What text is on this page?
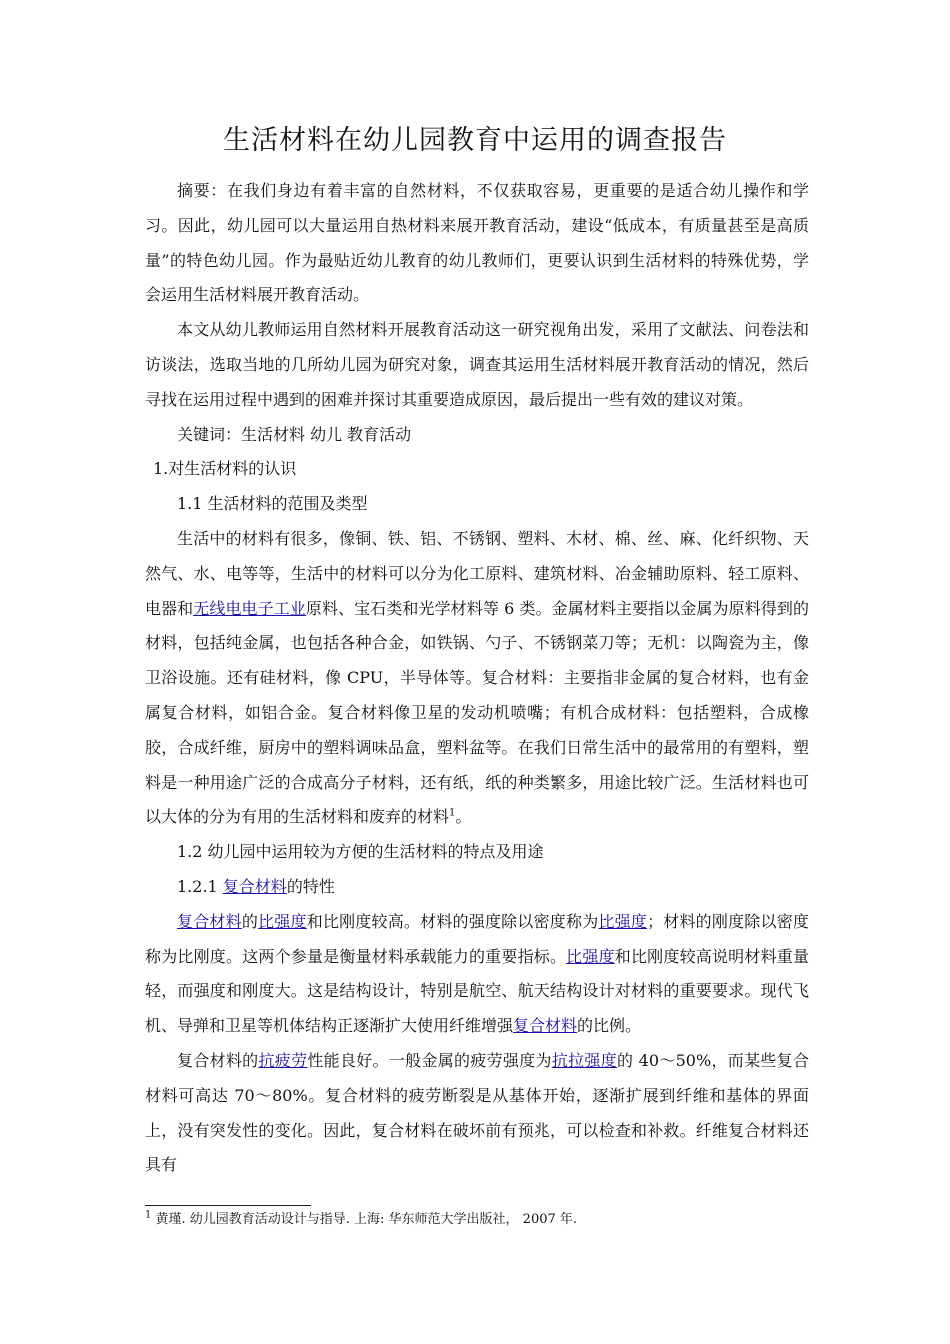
生活材料在幼儿园教育中运用的调查报告

摘要：在我们身边有着丰富的自然材料，不仅获取容易，更重要的是适合幼儿操作和学习。因此，幼儿园可以大量运用自热材料来展开教育活动，建设“低成本，有质量甚至是高质量”的特色幼儿园。作为最贴近幼儿教育的幼儿教师们，更要认识到生活材料的特殊优势，学会运用生活材料展开教育活动。

本文从幼儿教师运用自然材料开展教育活动这一研究视角出发，采用了文献法、问卷法和访谈法，选取当地的几所幼儿园为研究对象，调查其运用生活材料展开教育活动的情况，然后寻找在运用过程中遇到的困难并探讨其重要造成原因，最后提出一些有效的建议对策。

关键词：生活材料 幼儿 教育活动

1.对生活材料的认识

1.1 生活材料的范围及类型

生活中的材料有很多，像铜、铁、铝、不锈钢、塑料、木材、棉、丝、麻、化纤织物、天然气、水、电等等，生活中的材料可以分为化工原料、建筑材料、冶金辅助原料、轻工原料、电器和无线电电子工业原料、宝石类和光学材料等 6 类。金属材料主要指以金属为原料得到的材料，包括纯金属，也包括各种合金，如铁锅、勺子、不锈钢菜刀等；无机：以陶瓷为主，像卫浴设施。还有硅材料，像 CPU，半导体等。复合材料：主要指非金属的复合材料，也有金属复合材料，如铝合金。复合材料像卫星的发动机喷嘴；有机合成材料：包括塑料，合成橡胶，合成纤维，厨房中的塑料调味品盒，塑料盆等。在我们日常生活中的最常用的有塑料，塑料是一种用途广泛的合成高分子材料，还有纸，纸的种类繁多，用途比较广泛。生活材料也可以大体的分为有用的生活材料和废弃的材料$^1$。

1.2 幼儿园中运用较为方便的生活材料的特点及用途

1.2.1 复合材料的特性

复合材料的比强度和比刚度较高。材料的强度除以密度称为比强度；材料的刚度除以密度称为比刚度。这两个参量是衡量材料承载能力的重要指标。比强度和比刚度较高说明材料重量轻，而强度和刚度大。这是结构设计，特别是航空、航天结构设计对材料的重要要求。现代飞机、导弹和卫星等机体结构正逐渐扩大使用纤维增强复合材料的比例。

复合材料的抗疲劳性能良好。一般金属的疲劳强度为抗拉强度的 40～50%，而某些复合材料可高达 70～80%。复合材料的疲劳断裂是从基体开始，逐渐扩展到纤维和基体的界面上，没有突发性的变化。因此，复合材料在破坏前有预兆，可以检查和补救。纤维复合材料还具有

$^1$ 黄瑾. 幼儿园教育活动设计与指导. 上海: 华东师范大学出版社， 2007 年.
